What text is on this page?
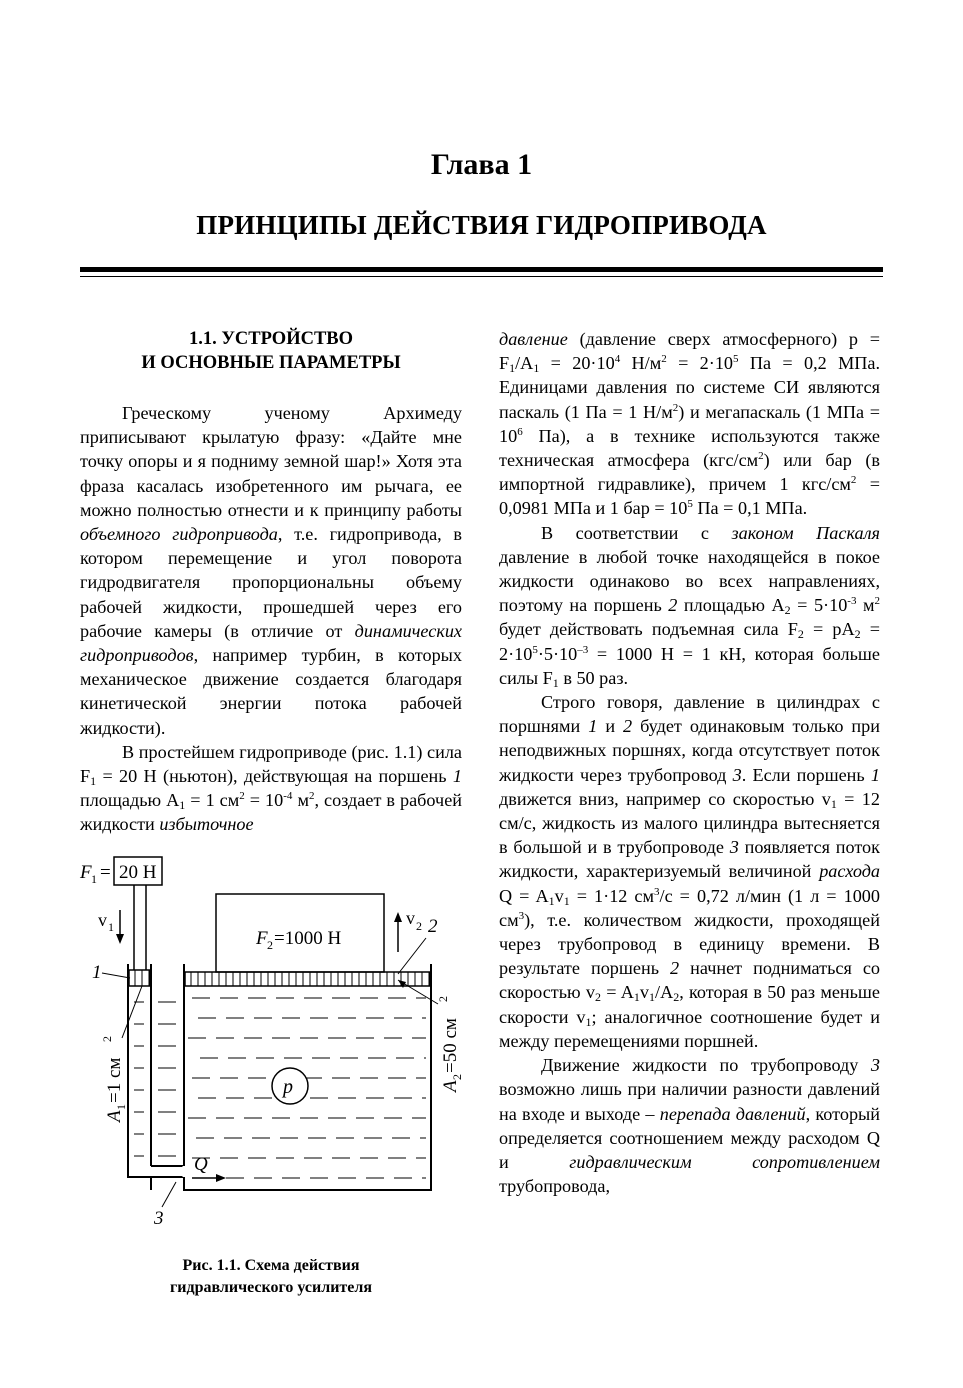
Глава 1
ПРИНЦИПЫ ДЕЙСТВИЯ ГИДРОПРИВОДА
1.1. УСТРОЙСТВО
И ОСНОВНЫЕ ПАРАМЕТРЫ

Греческому ученому Архимеду приписывают крылатую фразу: «Дайте мне точку опоры и я подниму земной шар!» Хотя эта фраза касалась изобретенного им рычага, ее можно полностью отнести и к принципу работы объемного гидропривода, т.е. гидропривода, в котором перемещение и угол поворота гидродвигателя пропорциональны объему рабочей жидкости, прошедшей через его рабочие камеры (в отличие от динамических гидроприводов, например турбин, в которых механическое движение создается благодаря кинетической энергии потока рабочей жидкости).

В простейшем гидроприводе (рис. 1.1) сила $F_1 = 20$ Н (ньютон), действующая на поршень 1 площадью $A_1 = 1$ $см^2 = 10^{-4}$ $м^2$, создает в рабочей жидкости избыточное

F 1 = 20 Н
v 1
F 2 =1000 Н
v 2 2
1
p
Q
3
A
1
=1 см
2
A
2
=50 см
2
Рис. 1.1. Схема действия
гидравлического усилителя

давление (давление сверх атмосферного) $p = F_1/A_1 = 20\cdot 10^4$ $Н/м^2 = 2\cdot 10^5$ Па = 0,2 МПа. Единицами давления по системе СИ являются паскаль (1 Па = 1 $Н/м^2$) и мегапаскаль (1 МПа = $10^6$ Па), а в технике используются также техническая атмосфера $(кгс/см^2)$ или бар (в импортной гидравлике), причем 1 кгс/$см^2 = 0,0981$ МПа и 1 бар = $10^5$ Па = 0,1 МПа.

В соответствии с законом Паскаля давление в любой точке находящейся в покое жидкости одинаково во всех направлениях, поэтому на поршень 2 площадью $A_2 = 5\cdot 10^{-3}$ $м^2$ будет действовать подъемная сила $F_2 = pA_2 = 2\cdot 10^5\cdot 5\cdot 10^{-3} = 1000$ Н = 1 кН, которая больше силы $F_1$ в 50 раз.

Строго говоря, давление в цилиндрах с поршнями 1 и 2 будет одинаковым только при неподвижных поршнях, когда отсутствует поток жидкости через трубопровод 3. Если поршень 1 движется вниз, например со скоростью $v_1 = 12$ см/с, жидкость из малого цилиндра вытесняется в большой и в трубопроводе 3 появляется поток жидкости, характеризуемый величиной расхода $Q = A_1v_1 = 1\cdot 12$ $см^3/с = 0,72$ л/мин (1 л = 1000 $см^3$), т.е. количеством жидкости, проходящей через трубопровод в единицу времени. В результате поршень 2 начнет подниматься со скоростью $v_2 = A_1v_1/A_2$, которая в 50 раз меньше скорости $v_1$; аналогичное соотношение будет и между перемещениями поршней.

Движение жидкости по трубопроводу 3 возможно лишь при наличии разности давлений на входе и выходе – перепада давлений, который определяется соотношением между расходом Q и гидравлическим сопротивлением трубопровода,
